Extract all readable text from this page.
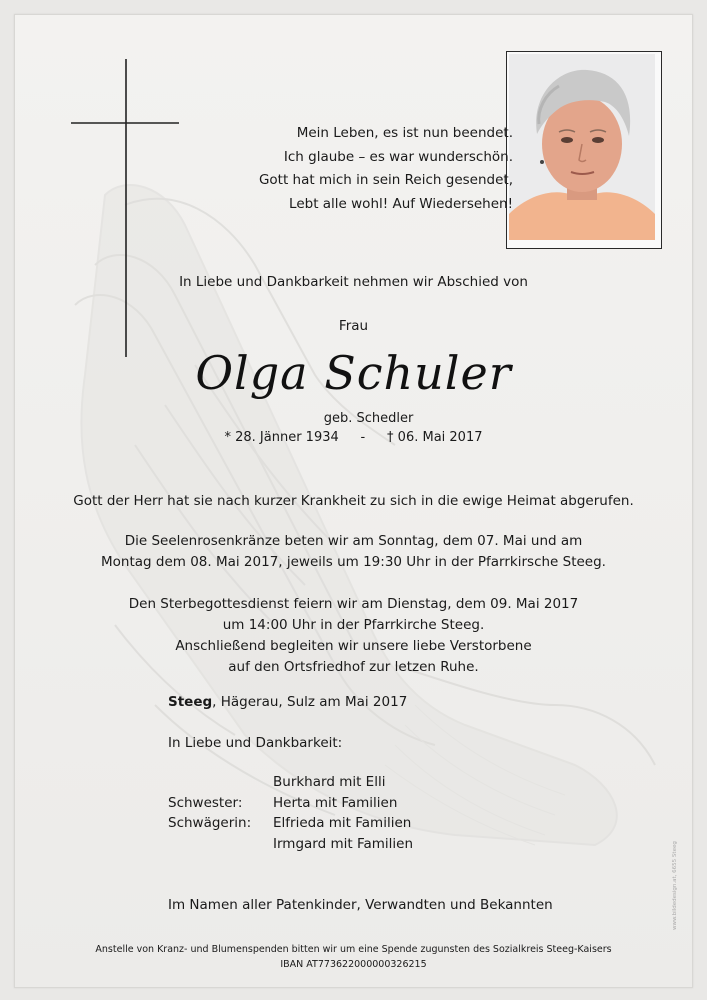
Mein Leben, es ist nun beendet.
Ich glaube – es war wunderschön.
Gott hat mich in sein Reich gesendet,
Lebt alle wohl! Auf Wiedersehen!
In Liebe und Dankbarkeit nehmen wir Abschied von
Frau
Olga Schuler
geb. Schedler
* 28. Jänner 1934 - † 06. Mai 2017
Gott der Herr hat sie nach kurzer Krankheit zu sich in die ewige Heimat abgerufen.
Die Seelenrosenkränze beten wir am Sonntag, dem 07. Mai und am
Montag dem 08. Mai 2017, jeweils um 19:30 Uhr in der Pfarrkirsche Steeg.
Den Sterbegottesdienst feiern wir am Dienstag, dem 09. Mai 2017
um 14:00 Uhr in der Pfarrkirche Steeg.
Anschließend begleiten wir unsere liebe Verstorbene
auf den Ortsfriedhof zur letzen Ruhe.
Steeg, Hägerau, Sulz am Mai 2017
In Liebe und Dankbarkeit:
Burkhard mit Elli
Schwester:	Herta mit Familien
Schwägerin:	Elfrieda mit Familien
Irmgard mit Familien
Im Namen aller Patenkinder, Verwandten und Bekannten
Anstelle von Kranz- und Blumenspenden bitten wir um eine Spende zugunsten des Sozialkreis Steeg-Kaisers
IBAN AT773622000000326215
www.bildedesign.at, 6655 Steeg
